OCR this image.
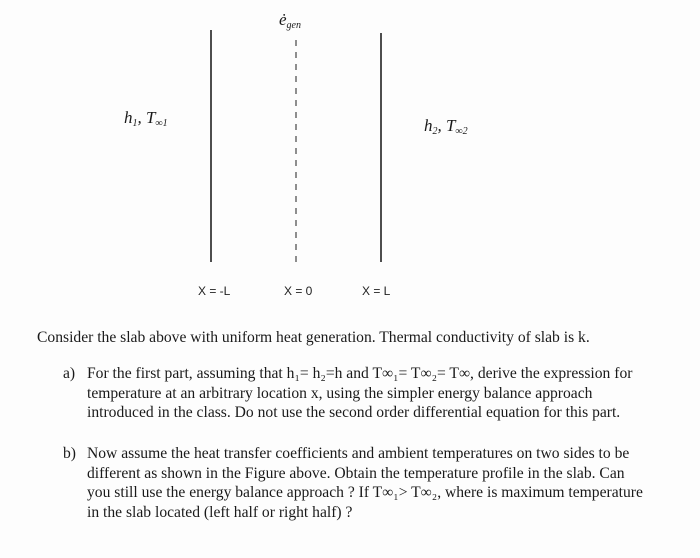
$ė_{gen}$
$h_1$, $T_{\infty 1}$	$h_2$, $T_{\infty 2}$
X = -L	X = 0	X = L
Consider the slab above with uniform heat generation. Thermal conductivity of slab is k.
a) For the first part, assuming that h₁= h₂=h and T∞₁= T∞₂= T∞, derive the expression for
temperature at an arbitrary location x, using the simpler energy balance approach
introduced in the class. Do not use the second order differential equation for this part.
b) Now assume the heat transfer coefficients and ambient temperatures on two sides to be
different as shown in the Figure above. Obtain the temperature profile in the slab. Can
you still use the energy balance approach ? If T∞₁> T∞₂, where is maximum temperature
in the slab located (left half or right half) ?
